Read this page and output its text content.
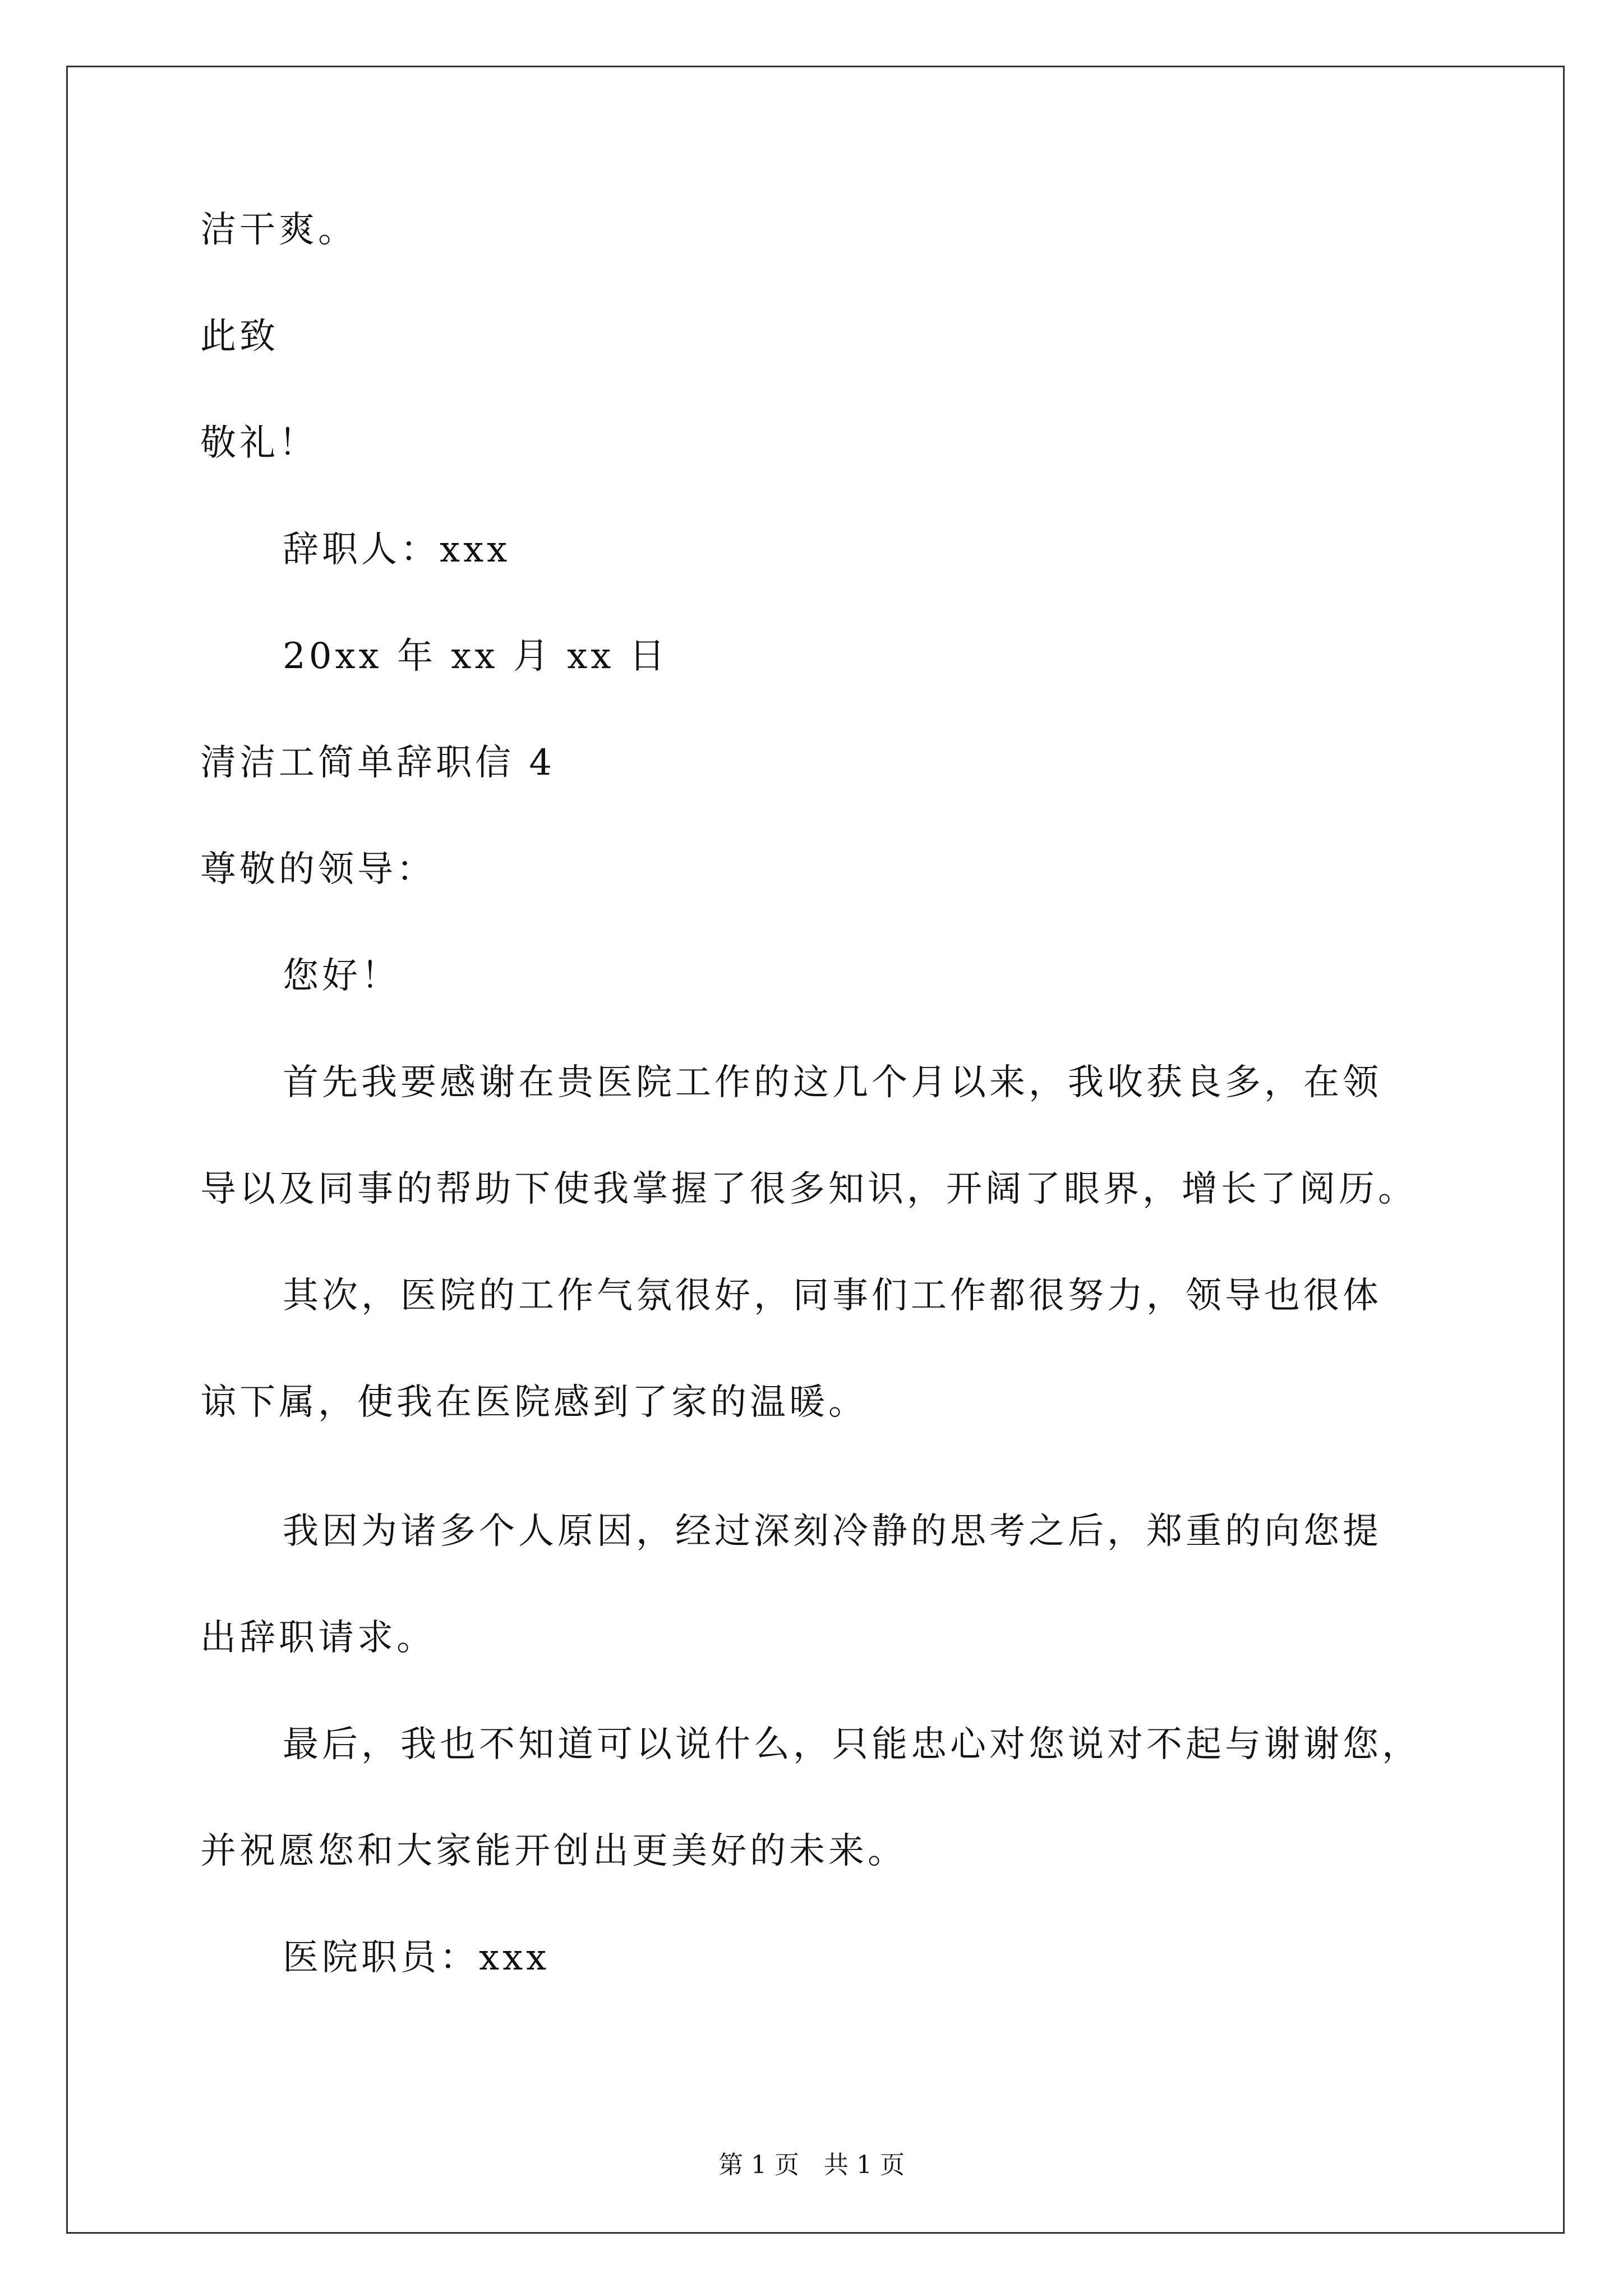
洁干爽。
此致
敬礼！
辞职人：xxx
20xx 年 xx 月 xx 日
清洁工简单辞职信 4
尊敬的领导：
您好！
首先我要感谢在贵医院工作的这几个月以来，我收获良多，在领
导以及同事的帮助下使我掌握了很多知识，开阔了眼界，增长了阅历。
其次，医院的工作气氛很好，同事们工作都很努力，领导也很体
谅下属，使我在医院感到了家的温暖。
我因为诸多个人原因，经过深刻冷静的思考之后，郑重的向您提
出辞职请求。
最后，我也不知道可以说什么，只能忠心对您说对不起与谢谢您，
并祝愿您和大家能开创出更美好的未来。
医院职员：xxx
第 1 页　共 1 页
